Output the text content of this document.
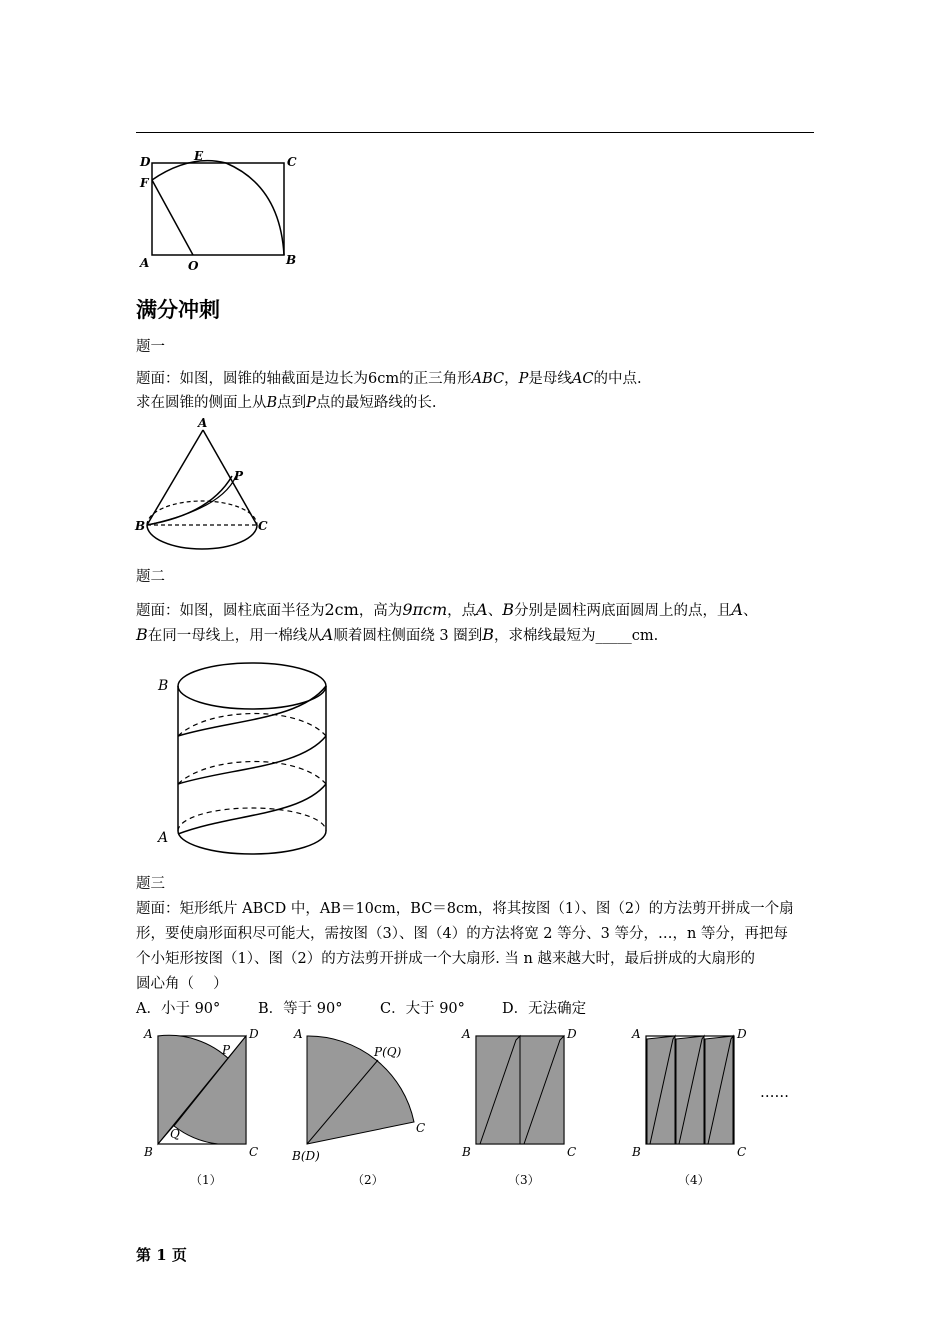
D	E	C
F
A	O	B
满分冲刺
题一
题面：如图，圆锥的轴截面是边长为6cm的正三角形ABC，P是母线AC的中点.
求在圆锥的侧面上从B点到P点的最短路线的长.
A
P
B	C
题二
题面：如图，圆柱底面半径为2cm，高为9πcm，点A、B分别是圆柱两底面圆周上的点，且A、
B在同一母线上，用一棉线从A顺着圆柱侧面绕 3 圈到B，求棉线最短为_____cm.
B
A
题三
题面：矩形纸片 ABCD 中，AB＝10cm，BC＝8cm，将其按图（1）、图（2）的方法剪开拼成一个扇
形，要使扇形面积尽可能大，需按图（3）、图（4）的方法将宽 2 等分、3 等分，…，n 等分，再把每
个小矩形按图（1）、图（2）的方法剪开拼成一个大扇形. 当 n 越来越大时，最后拼成的大扇形的
圆心角（　 ）
A．小于 90°	B．等于 90°	C．大于 90°	D．无法确定
A	D
P
Q
B	C
（1）
A
P(Q)
C
B(D)
（2）
A	D
B	C
（3）
A	D
B	C
（4）
……
第 1 页
